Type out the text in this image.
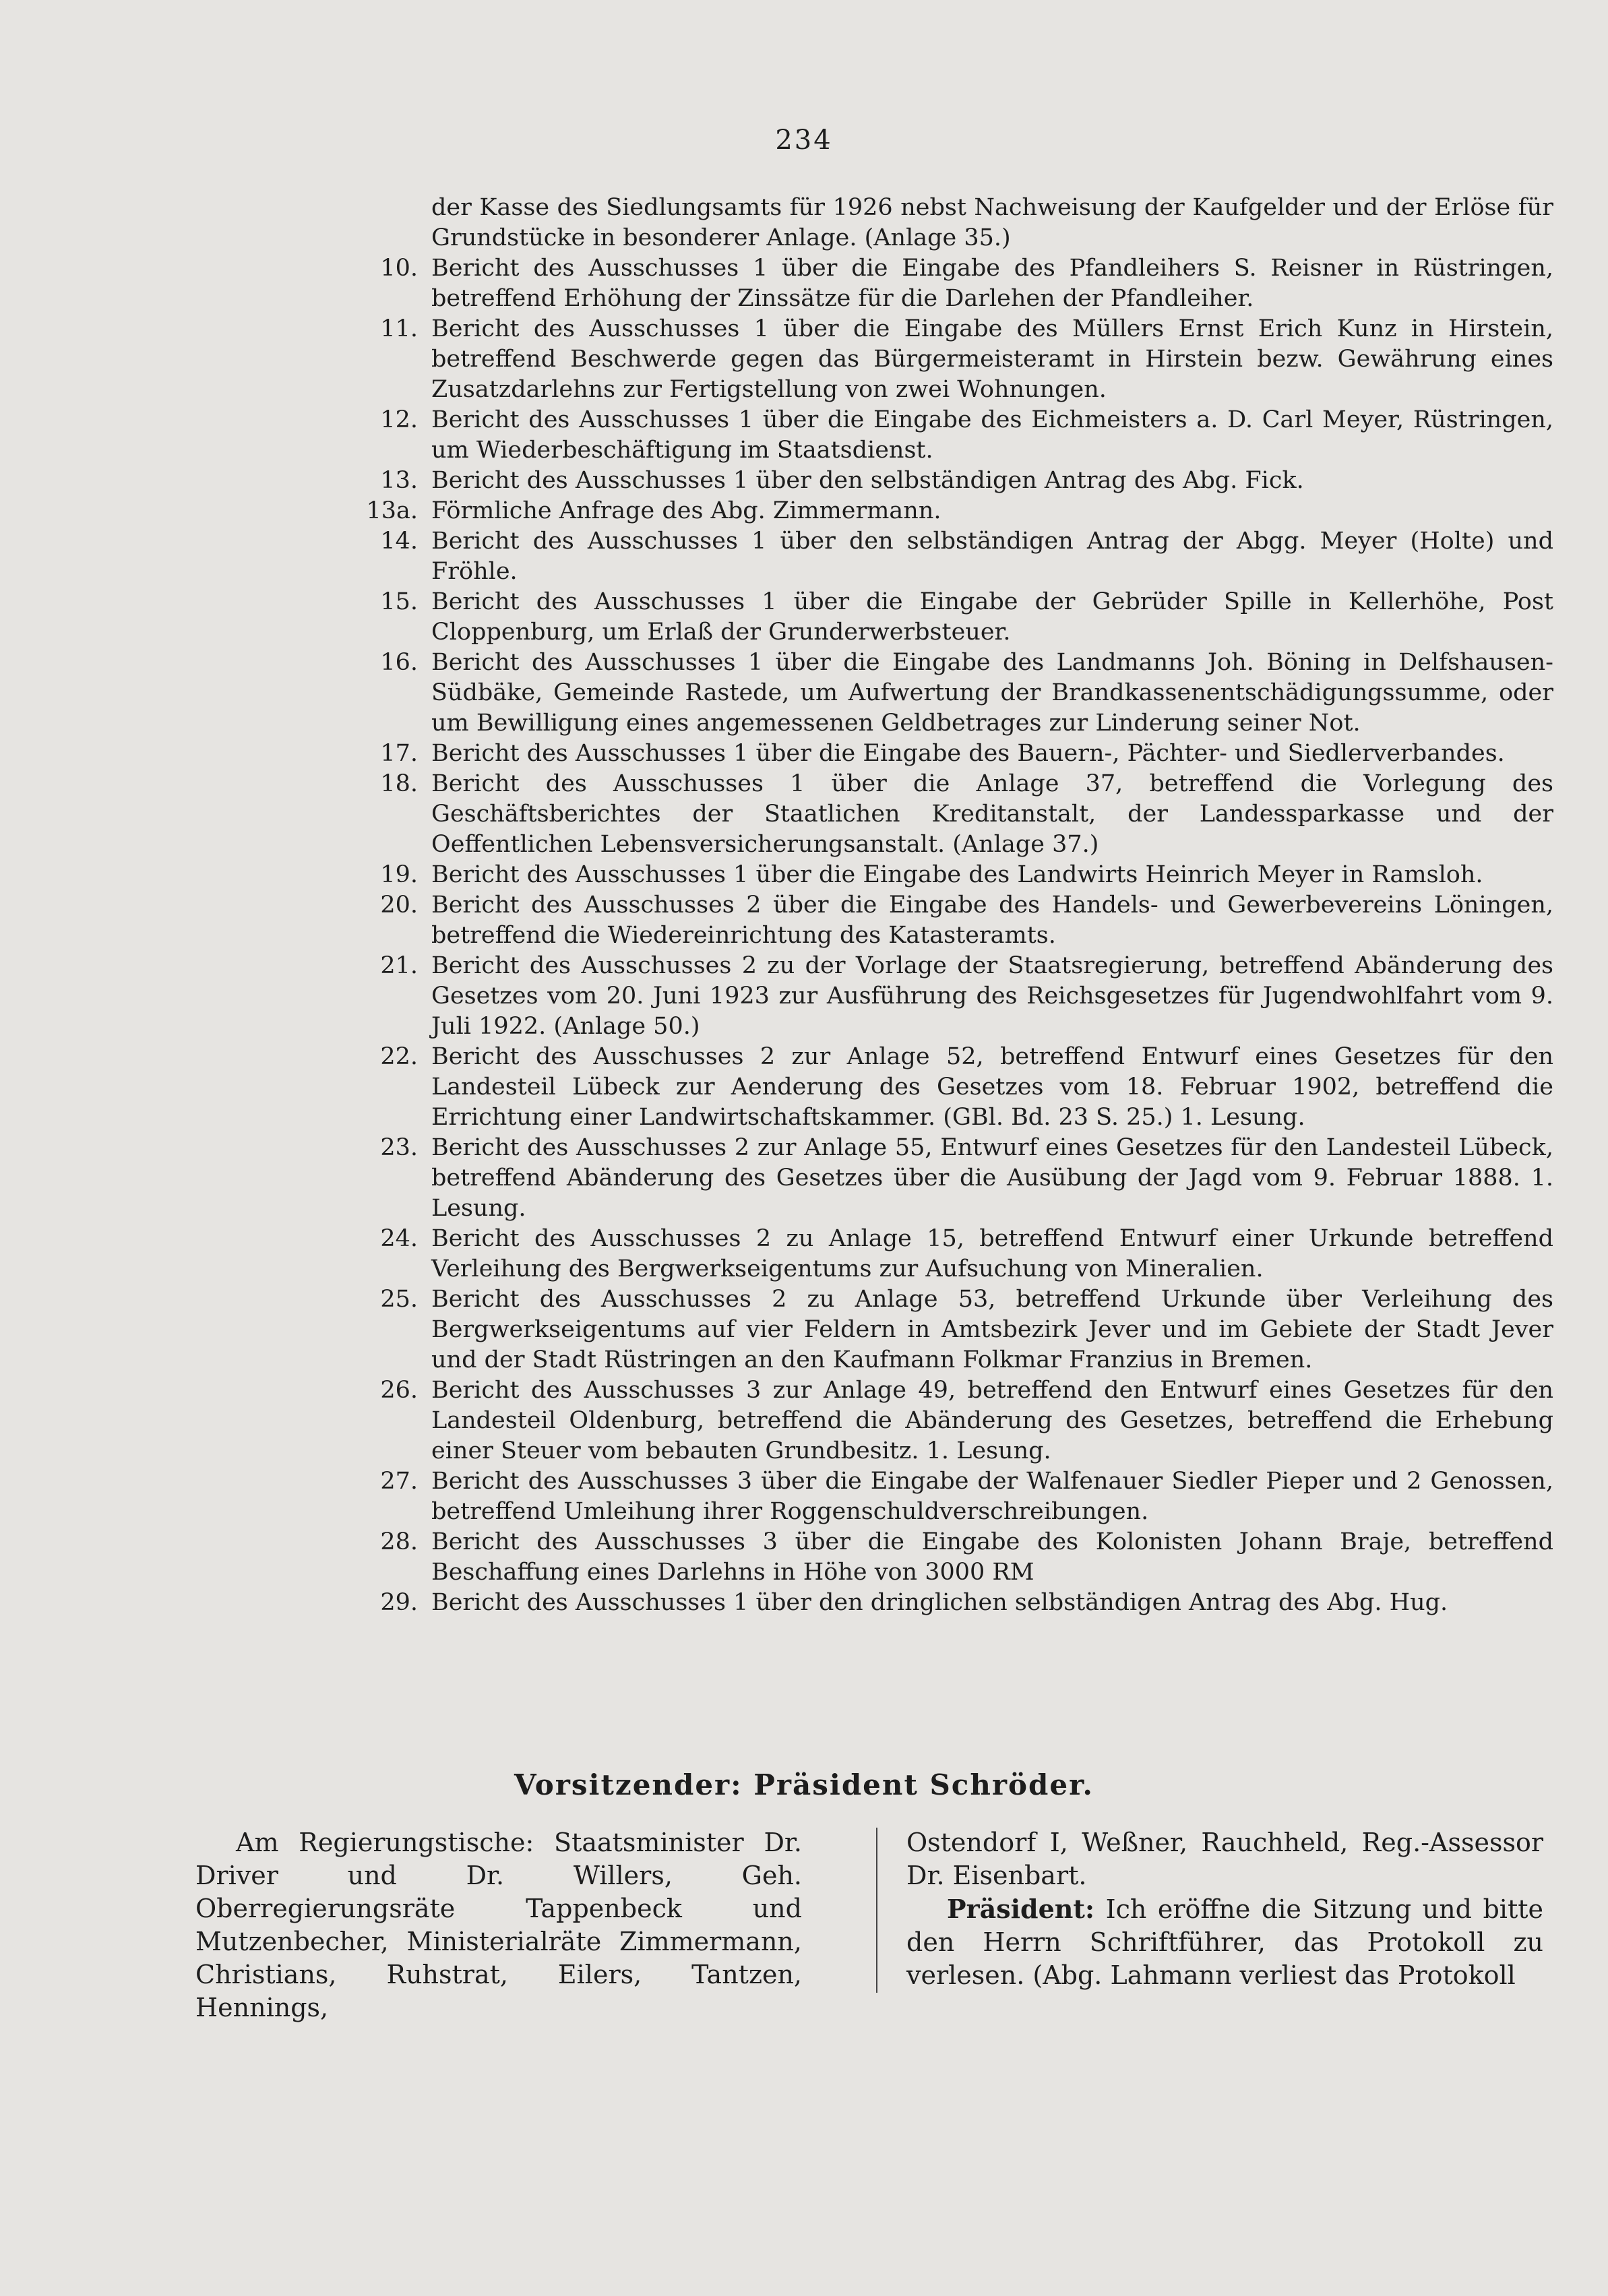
234
der Kasse des Siedlungsamts für 1926 nebst Nachweisung der Kaufgelder und der Erlöse für Grundstücke in besonderer Anlage. (Anlage 35.)
10. Bericht des Ausschusses 1 über die Eingabe des Pfandleihers S. Reisner in Rüstringen, betreffend Erhöhung der Zinssätze für die Darlehen der Pfandleiher.
11. Bericht des Ausschusses 1 über die Eingabe des Müllers Ernst Erich Kunz in Hirstein, betreffend Beschwerde gegen das Bürgermeisteramt in Hirstein bezw. Gewährung eines Zusatzdarlehns zur Fertigstellung von zwei Wohnungen.
12. Bericht des Ausschusses 1 über die Eingabe des Eichmeisters a. D. Carl Meyer, Rüstringen, um Wiederbeschäftigung im Staatsdienst.
13. Bericht des Ausschusses 1 über den selbständigen Antrag des Abg. Fick.
13a. Förmliche Anfrage des Abg. Zimmermann.
14. Bericht des Ausschusses 1 über den selbständigen Antrag der Abgg. Meyer (Holte) und Fröhle.
15. Bericht des Ausschusses 1 über die Eingabe der Gebrüder Spille in Kellerhöhe, Post Cloppenburg, um Erlaß der Grunderwerbsteuer.
16. Bericht des Ausschusses 1 über die Eingabe des Landmanns Joh. Böning in Delfshausen-Südbäke, Gemeinde Rastede, um Aufwertung der Brandkassenentschädigungssumme, oder um Bewilligung eines angemessenen Geldbetrages zur Linderung seiner Not.
17. Bericht des Ausschusses 1 über die Eingabe des Bauern-, Pächter- und Siedlerverbandes.
18. Bericht des Ausschusses 1 über die Anlage 37, betreffend die Vorlegung des Geschäftsberichtes der Staatlichen Kreditanstalt, der Landessparkasse und der Oeffentlichen Lebensversicherungsanstalt. (Anlage 37.)
19. Bericht des Ausschusses 1 über die Eingabe des Landwirts Heinrich Meyer in Ramsloh.
20. Bericht des Ausschusses 2 über die Eingabe des Handels- und Gewerbevereins Löningen, betreffend die Wiedereinrichtung des Katasteramts.
21. Bericht des Ausschusses 2 zu der Vorlage der Staatsregierung, betreffend Abänderung des Gesetzes vom 20. Juni 1923 zur Ausführung des Reichsgesetzes für Jugendwohlfahrt vom 9. Juli 1922. (Anlage 50.)
22. Bericht des Ausschusses 2 zur Anlage 52, betreffend Entwurf eines Gesetzes für den Landesteil Lübeck zur Aenderung des Gesetzes vom 18. Februar 1902, betreffend die Errichtung einer Landwirtschaftskammer. (GBl. Bd. 23 S. 25.) 1. Lesung.
23. Bericht des Ausschusses 2 zur Anlage 55, Entwurf eines Gesetzes für den Landesteil Lübeck, betreffend Abänderung des Gesetzes über die Ausübung der Jagd vom 9. Februar 1888. 1. Lesung.
24. Bericht des Ausschusses 2 zu Anlage 15, betreffend Entwurf einer Urkunde betreffend Verleihung des Bergwerkseigentums zur Aufsuchung von Mineralien.
25. Bericht des Ausschusses 2 zu Anlage 53, betreffend Urkunde über Verleihung des Bergwerkseigentums auf vier Feldern in Amtsbezirk Jever und im Gebiete der Stadt Jever und der Stadt Rüstringen an den Kaufmann Folkmar Franzius in Bremen.
26. Bericht des Ausschusses 3 zur Anlage 49, betreffend den Entwurf eines Gesetzes für den Landesteil Oldenburg, betreffend die Abänderung des Gesetzes, betreffend die Erhebung einer Steuer vom bebauten Grundbesitz. 1. Lesung.
27. Bericht des Ausschusses 3 über die Eingabe der Walfenauer Siedler Pieper und 2 Genossen, betreffend Umleihung ihrer Roggenschuldverschreibungen.
28. Bericht des Ausschusses 3 über die Eingabe des Kolonisten Johann Braje, betreffend Beschaffung eines Darlehns in Höhe von 3000 RM
29. Bericht des Ausschusses 1 über den dringlichen selbständigen Antrag des Abg. Hug.
Vorsitzender: Präsident Schröder.

Am Regierungstische: Staatsminister Dr. Driver und Dr. Willers, Geh. Oberregierungsräte Tappenbeck und Mutzenbecher, Ministerialräte Zimmermann, Christians, Ruhstrat, Eilers, Tantzen, Hennings,

Ostendorf I, Weßner, Rauchheld, Reg.-Assessor Dr. Eisenbart.

Präsident: Ich eröffne die Sitzung und bitte den Herrn Schriftführer, das Protokoll zu verlesen. (Abg. Lahmann verliest das Protokoll
